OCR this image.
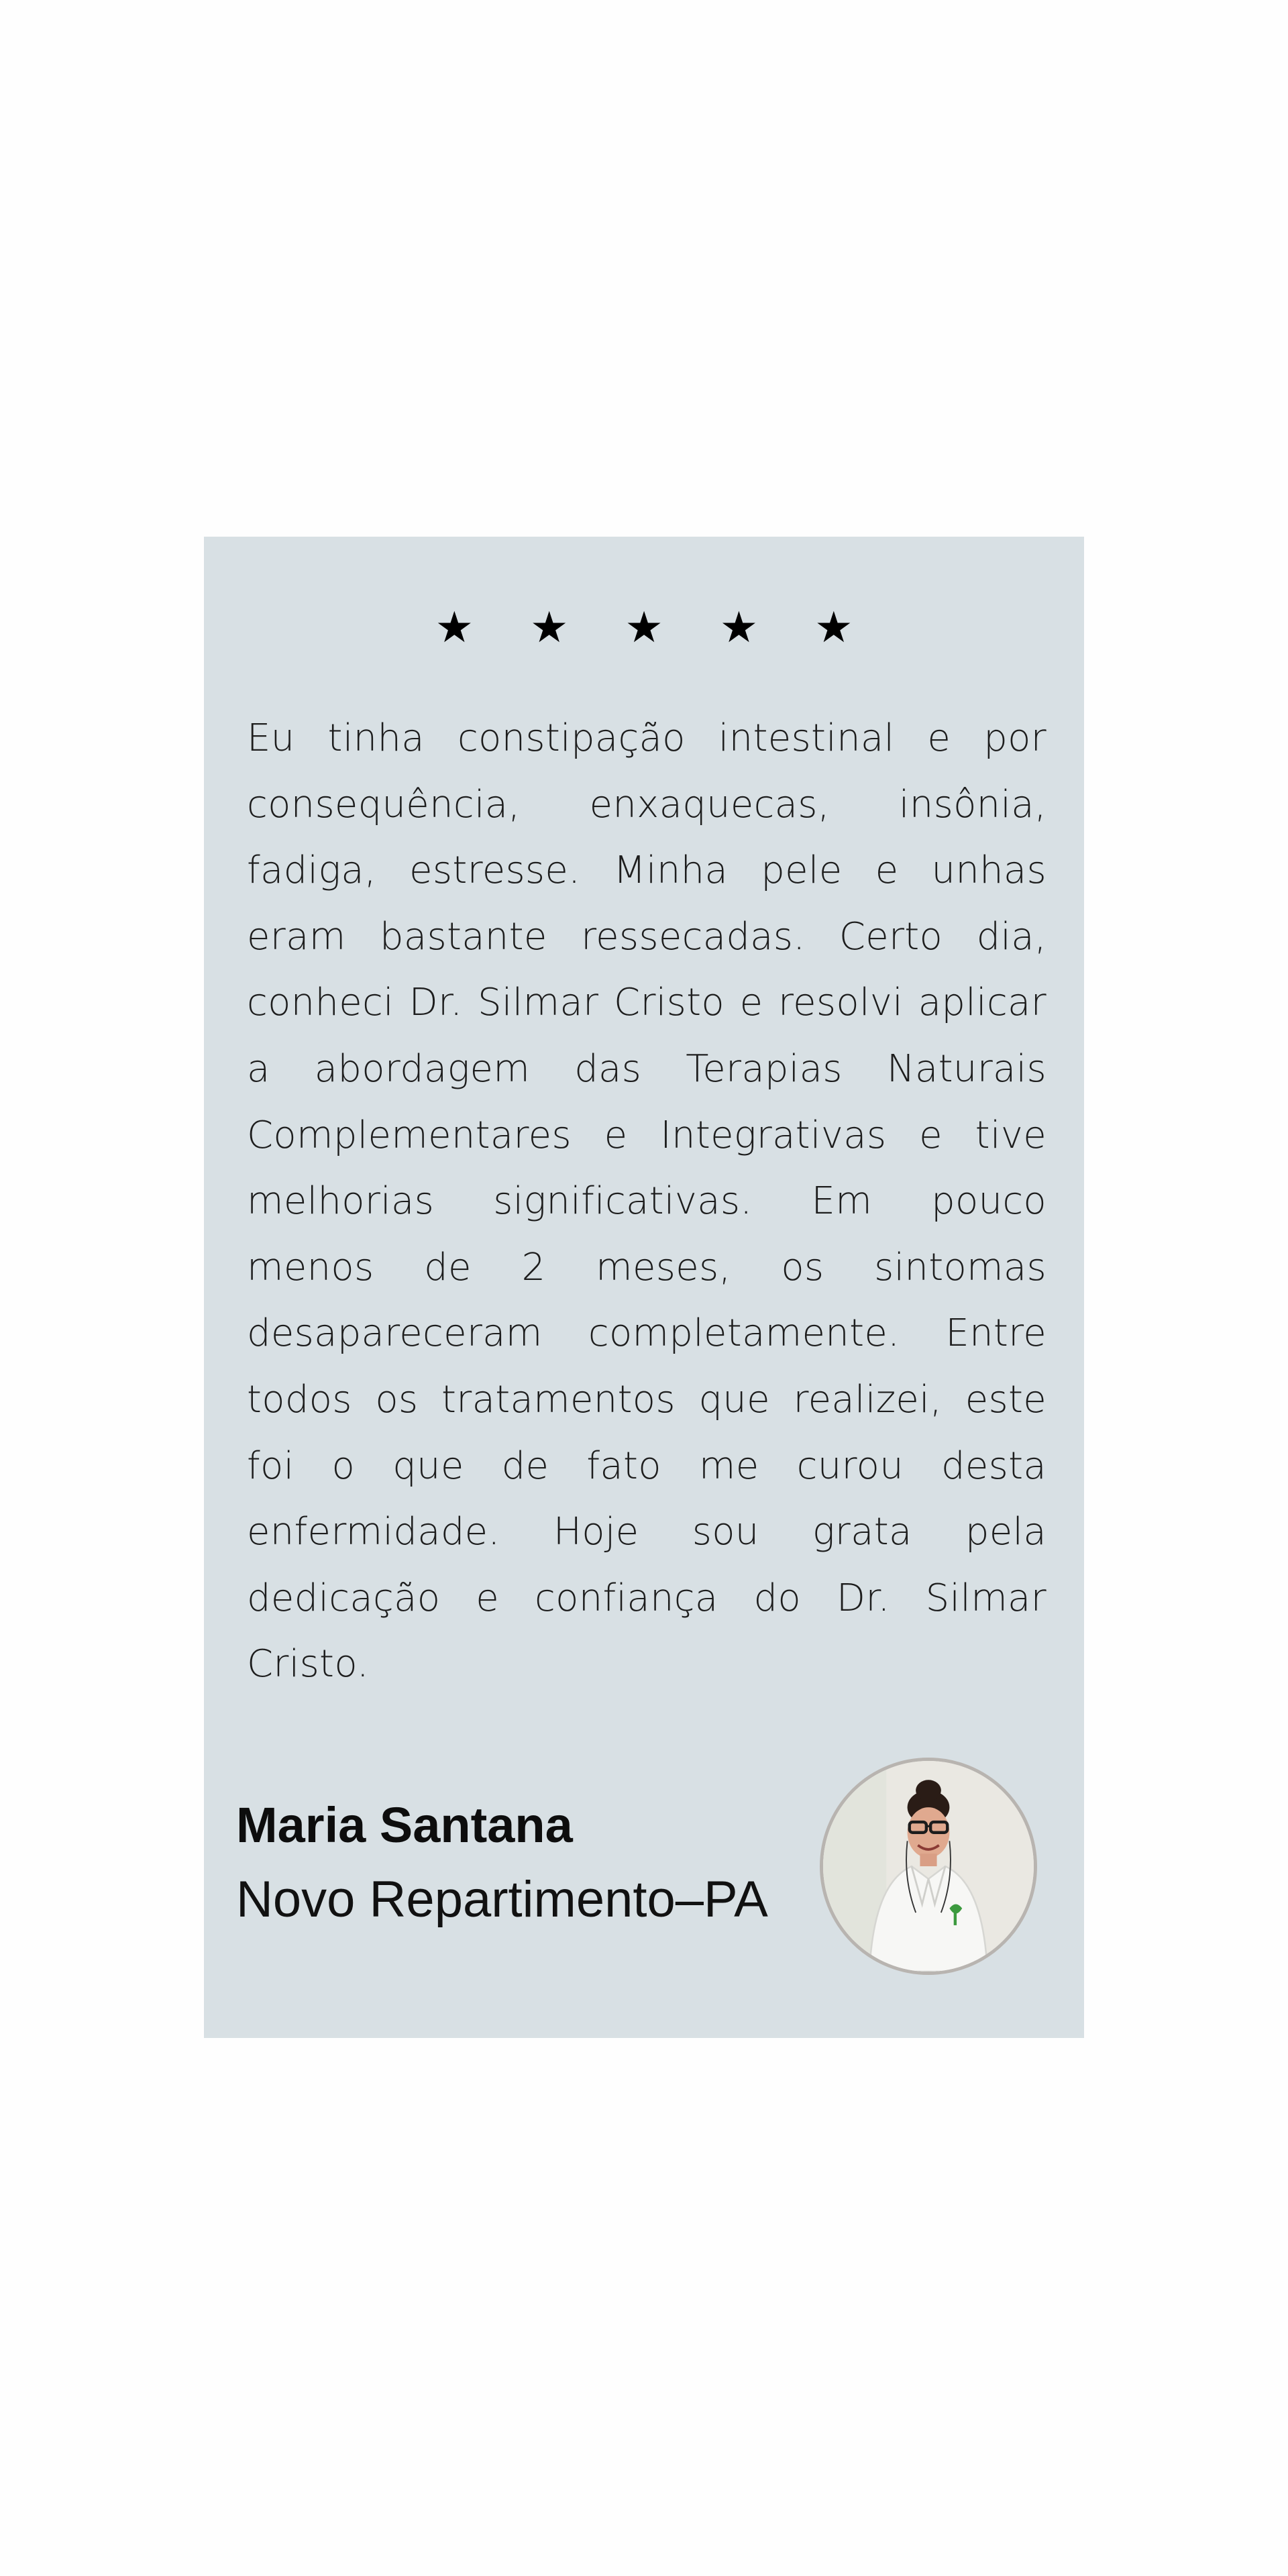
★ ★ ★ ★ ★

Eu tinha constipação intestinal e por consequência, enxaquecas, insônia, fadiga, estresse. Minha pele e unhas eram bastante ressecadas. Certo dia, conheci Dr. Silmar Cristo e resolvi aplicar a abordagem das Terapias Naturais Complementares e Integrativas e tive melhorias significativas. Em pouco menos de 2 meses, os sintomas desapareceram completamente. Entre todos os tratamentos que realizei, este foi o que de fato me curou desta enfermidade. Hoje sou grata pela dedicação e confiança do Dr. Silmar Cristo.

Maria Santana
Novo Repartimento–PA
